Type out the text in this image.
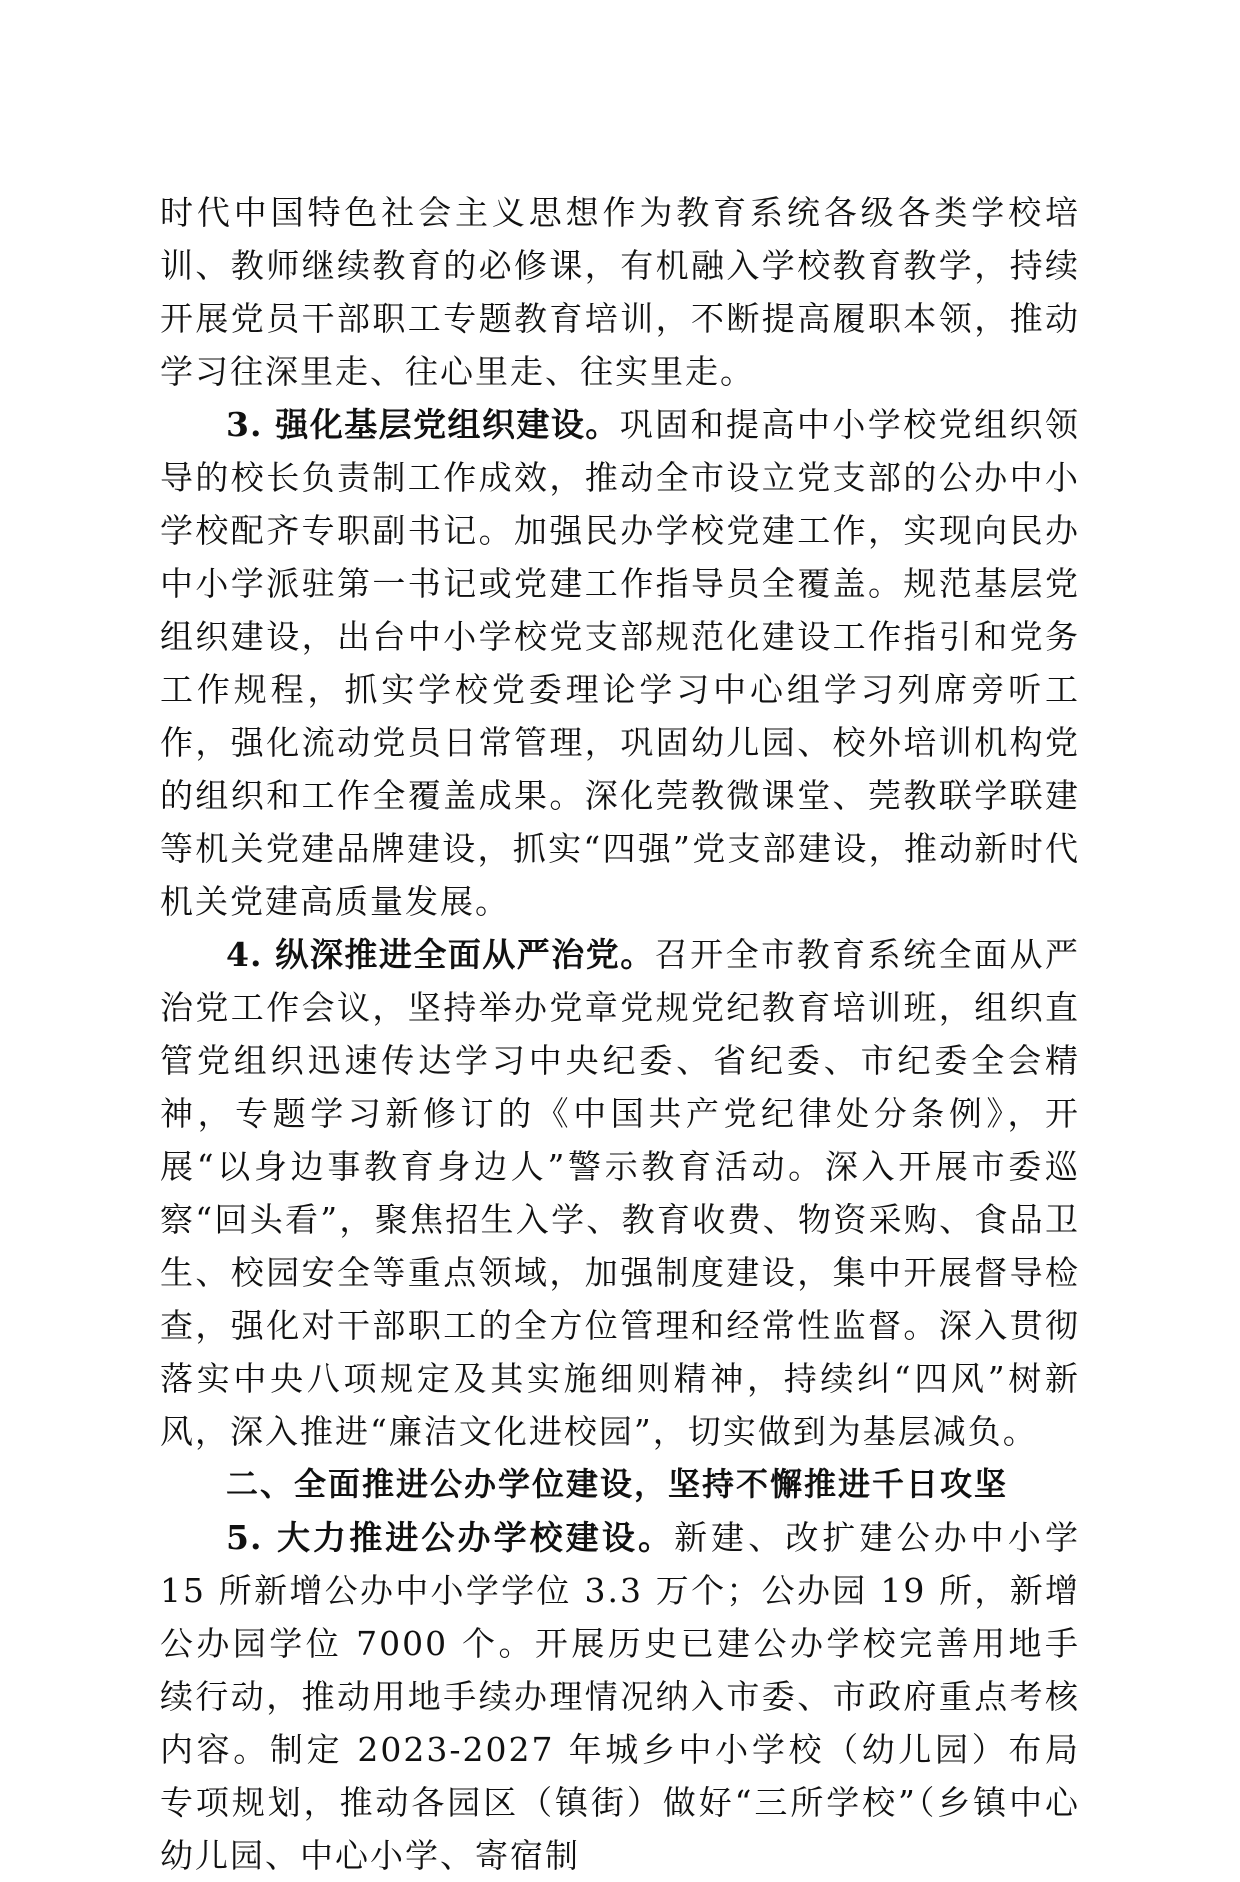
时代中国特色社会主义思想作为教育系统各级各类学校培训、教师继续教育的必修课，有机融入学校教育教学，持续开展党员干部职工专题教育培训，不断提高履职本领，推动学习往深里走、往心里走、往实里走。

3. 强化基层党组织建设。巩固和提高中小学校党组织领导的校长负责制工作成效，推动全市设立党支部的公办中小学校配齐专职副书记。加强民办学校党建工作，实现向民办中小学派驻第一书记或党建工作指导员全覆盖。规范基层党组织建设，出台中小学校党支部规范化建设工作指引和党务工作规程，抓实学校党委理论学习中心组学习列席旁听工作，强化流动党员日常管理，巩固幼儿园、校外培训机构党的组织和工作全覆盖成果。深化莞教微课堂、莞教联学联建等机关党建品牌建设，抓实“四强”党支部建设，推动新时代机关党建高质量发展。

4. 纵深推进全面从严治党。召开全市教育系统全面从严治党工作会议，坚持举办党章党规党纪教育培训班，组织直管党组织迅速传达学习中央纪委、省纪委、市纪委全会精神，专题学习新修订的《中国共产党纪律处分条例》，开展“以身边事教育身边人”警示教育活动。深入开展市委巡察“回头看”，聚焦招生入学、教育收费、物资采购、食品卫生、校园安全等重点领域，加强制度建设，集中开展督导检查，强化对干部职工的全方位管理和经常性监督。深入贯彻落实中央八项规定及其实施细则精神，持续纠“四风”树新风，深入推进“廉洁文化进校园”，切实做到为基层减负。

二、全面推进公办学位建设，坚持不懈推进千日攻坚

5. 大力推进公办学校建设。新建、改扩建公办中小学 15 所新增公办中小学学位 3.3 万个；公办园 19 所，新增公办园学位 7000 个。开展历史已建公办学校完善用地手续行动，推动用地手续办理情况纳入市委、市政府重点考核内容。制定 2023-2027 年城乡中小学校（幼儿园）布局专项规划，推动各园区（镇街）做好“三所学校”（乡镇中心幼儿园、中心小学、寄宿制
